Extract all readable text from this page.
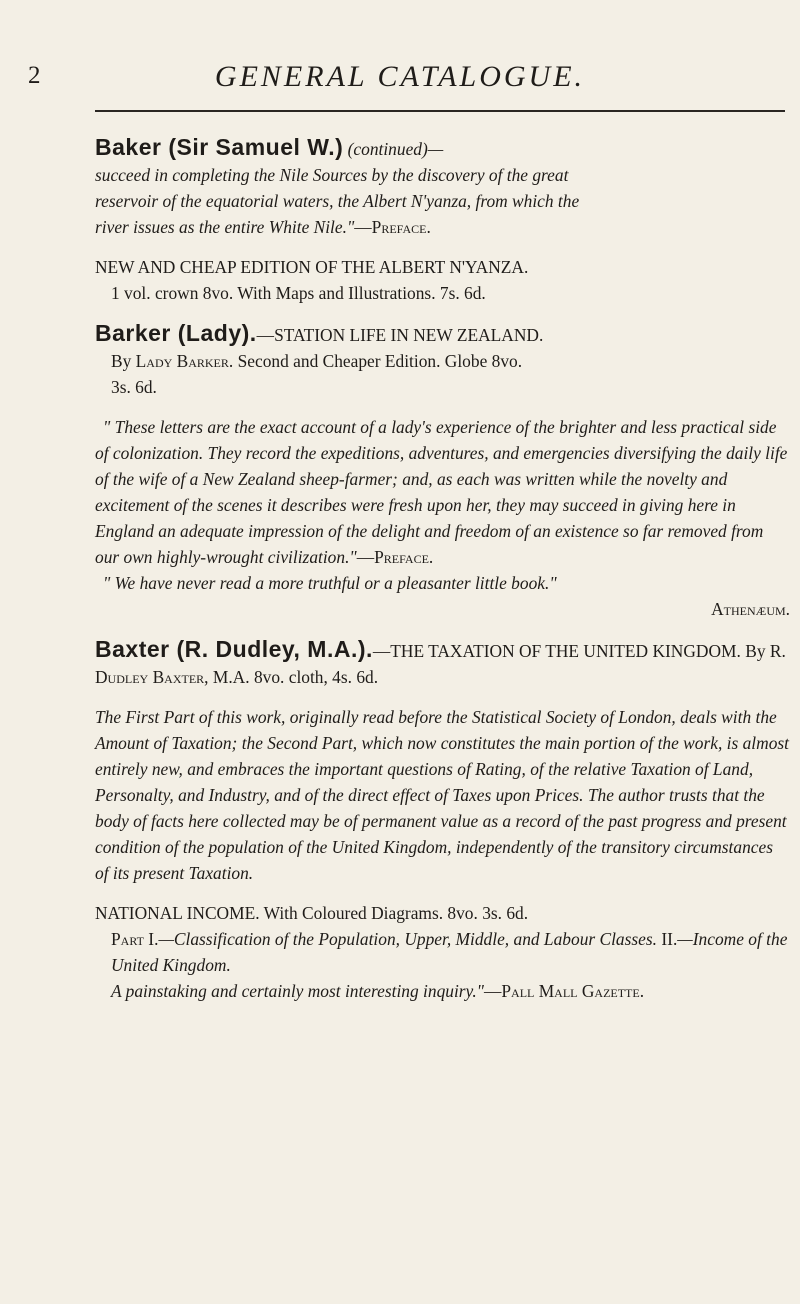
2	GENERAL CATALOGUE.

Baker (Sir Samuel W.) (continued)—

succeed in completing the Nile Sources by the discovery of the great
reservoir of the equatorial waters, the Albert N'yanza, from which the
river issues as the entire White Nile."—Preface.

NEW AND CHEAP EDITION OF THE ALBERT N'YANZA.

1 vol. crown 8vo. With Maps and Illustrations. 7s. 6d.

Barker (Lady).—STATION LIFE IN NEW ZEALAND.

By Lady Barker. Second and Cheaper Edition. Globe 8vo.
3s. 6d.

" These letters are the exact account of a lady's experience of the brighter and less practical side of colonization. They record the expeditions, adventures, and emergencies diversifying the daily life of the wife of a New Zealand sheep-farmer; and, as each was written while the novelty and excitement of the scenes it describes were fresh upon her, they may succeed in giving here in England an adequate impression of the delight and freedom of an existence so far removed from our own highly-wrought civilization."—Preface.

" We have never read a more truthful or a pleasanter little book."

Athenæum.

Baxter (R. Dudley, M.A.).—THE TAXATION OF THE UNITED KINGDOM. By R. Dudley Baxter, M.A. 8vo. cloth, 4s. 6d.

The First Part of this work, originally read before the Statistical Society of London, deals with the Amount of Taxation; the Second Part, which now constitutes the main portion of the work, is almost entirely new, and embraces the important questions of Rating, of the relative Taxation of Land, Personalty, and Industry, and of the direct effect of Taxes upon Prices. The author trusts that the body of facts here collected may be of permanent value as a record of the past progress and present condition of the population of the United Kingdom, independently of the transitory circumstances of its present Taxation.

NATIONAL INCOME. With Coloured Diagrams. 8vo. 3s. 6d.

Part I.—Classification of the Population, Upper, Middle, and Labour Classes. II.—Income of the United Kingdom.

A painstaking and certainly most interesting inquiry."—Pall Mall Gazette.
